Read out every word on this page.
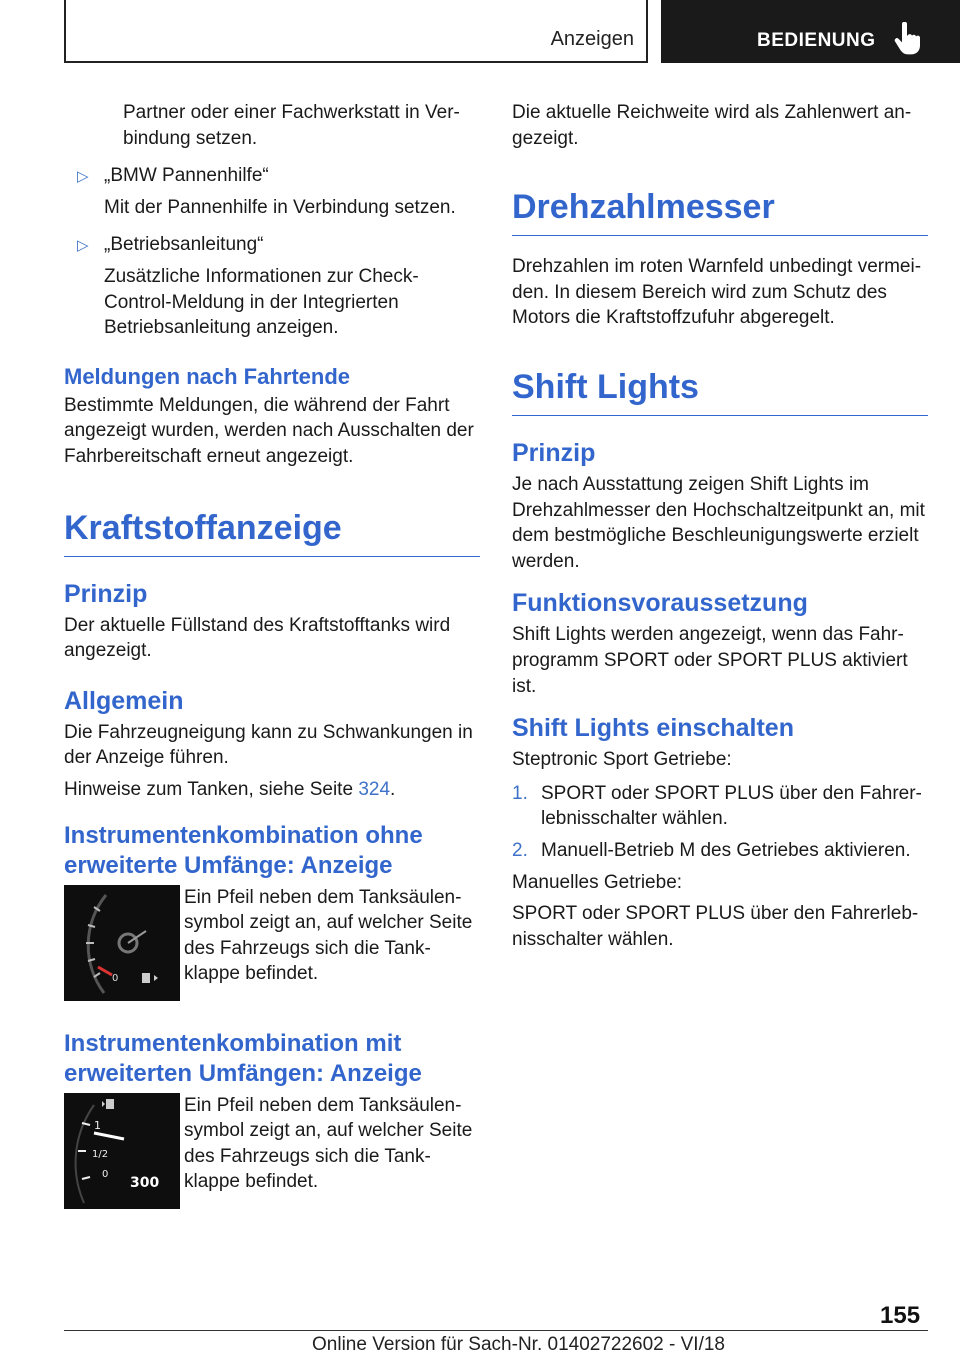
Anzeigen	BEDIENUNG

Partner oder einer Fachwerkstatt in Ver-bindung setzen.

▷ „BMW Pannenhilfe“

Mit der Pannenhilfe in Verbindung setzen.

▷ „Betriebsanleitung“

Zusätzliche Informationen zur Check-Control-Meldung in der Integrierten Betriebsanleitung anzeigen.

Meldungen nach Fahrtende

Bestimmte Meldungen, die während der Fahrt angezeigt wurden, werden nach Ausschalten der Fahrbereitschaft erneut angezeigt.

Kraftstoffanzeige
Prinzip

Der aktuelle Füllstand des Kraftstofftanks wird angezeigt.

Allgemein

Die Fahrzeugneigung kann zu Schwankungen in der Anzeige führen.

Hinweise zum Tanken, siehe Seite 324.

Instrumentenkombination ohne erweiterte Umfänge: Anzeige
0

Ein Pfeil neben dem Tanksäulen-symbol zeigt an, auf welcher Seite des Fahrzeugs sich die Tank-klappe befindet.

Instrumentenkombination mit erweiterten Umfängen: Anzeige
1
1/2
0
300

Ein Pfeil neben dem Tanksäulen-symbol zeigt an, auf welcher Seite des Fahrzeugs sich die Tank-klappe befindet.

Die aktuelle Reichweite wird als Zahlenwert an-gezeigt.

Drehzahlmesser

Drehzahlen im roten Warnfeld unbedingt vermei-den. In diesem Bereich wird zum Schutz des Motors die Kraftstoffzufuhr abgeregelt.

Shift Lights
Prinzip

Je nach Ausstattung zeigen Shift Lights im Drehzahlmesser den Hochschaltzeitpunkt an, mit dem bestmögliche Beschleunigungswerte erzielt werden.

Funktionsvoraussetzung

Shift Lights werden angezeigt, wenn das Fahr-programm SPORT oder SPORT PLUS aktiviert ist.

Shift Lights einschalten

Steptronic Sport Getriebe:

1. SPORT oder SPORT PLUS über den Fahrer-lebnisschalter wählen.

2. Manuell-Betrieb M des Getriebes aktivieren.

Manuelles Getriebe:

SPORT oder SPORT PLUS über den Fahrerleb-nisschalter wählen.

155
Online Version für Sach-Nr. 01402722602 - VI/18
